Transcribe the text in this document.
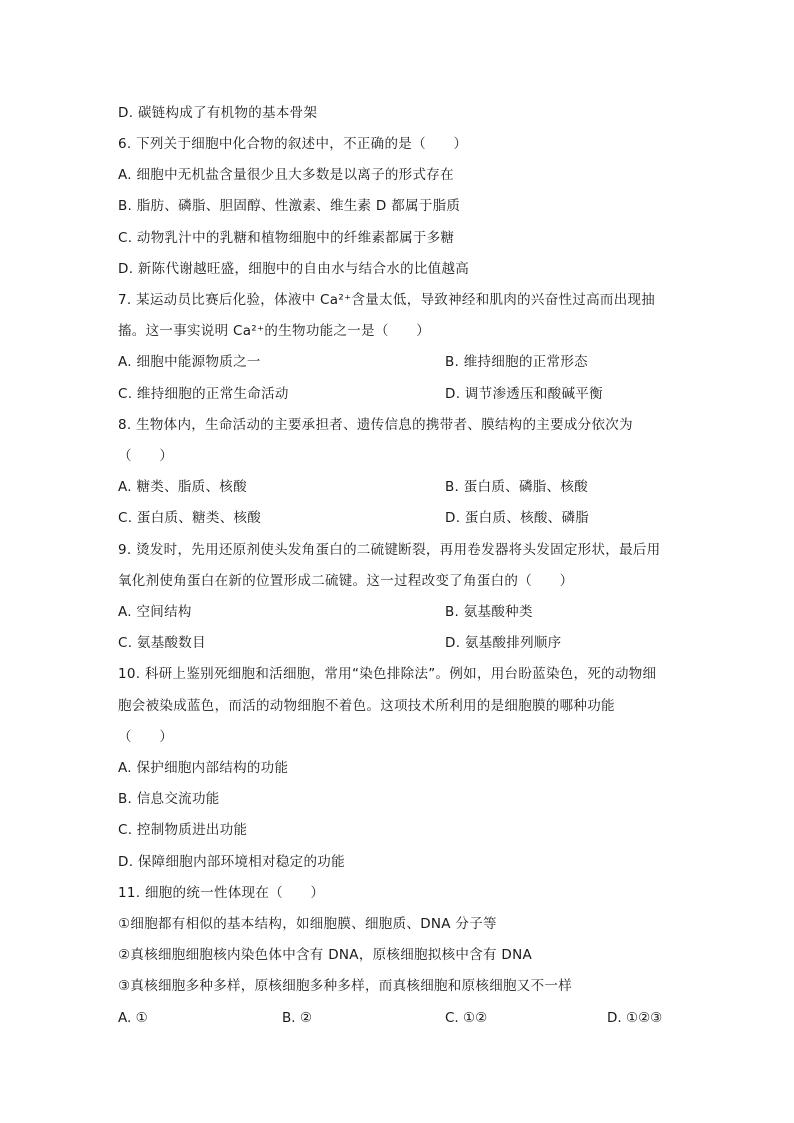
D. 碳链构成了有机物的基本骨架
6. 下列关于细胞中化合物的叙述中，不正确的是（　　）
A. 细胞中无机盐含量很少且大多数是以离子的形式存在
B. 脂肪、磷脂、胆固醇、性激素、维生素 D 都属于脂质
C. 动物乳汁中的乳糖和植物细胞中的纤维素都属于多糖
D. 新陈代谢越旺盛，细胞中的自由水与结合水的比值越高
7. 某运动员比赛后化验，体液中 Ca²⁺含量太低，导致神经和肌肉的兴奋性过高而出现抽
搐。这一事实说明 Ca²⁺的生物功能之一是（　　）
A. 细胞中能源物质之一	B. 维持细胞的正常形态
C. 维持细胞的正常生命活动	D. 调节渗透压和酸碱平衡
8. 生物体内，生命活动的主要承担者、遗传信息的携带者、膜结构的主要成分依次为
（　　）
A. 糖类、脂质、核酸	B. 蛋白质、磷脂、核酸
C. 蛋白质、糖类、核酸	D. 蛋白质、核酸、磷脂
9. 烫发时，先用还原剂使头发角蛋白的二硫键断裂，再用卷发器将头发固定形状，最后用
氧化剂使角蛋白在新的位置形成二硫键。这一过程改变了角蛋白的（　　）
A. 空间结构	B. 氨基酸种类
C. 氨基酸数目	D. 氨基酸排列顺序
10. 科研上鉴别死细胞和活细胞，常用“染色排除法”。例如，用台盼蓝染色，死的动物细
胞会被染成蓝色，而活的动物细胞不着色。这项技术所利用的是细胞膜的哪种功能
（　　）
A. 保护细胞内部结构的功能
B. 信息交流功能
C. 控制物质进出功能
D. 保障细胞内部环境相对稳定的功能
11. 细胞的统一性体现在（　　）
①细胞都有相似的基本结构，如细胞膜、细胞质、DNA 分子等
②真核细胞细胞核内染色体中含有 DNA，原核细胞拟核中含有 DNA
③真核细胞多种多样，原核细胞多种多样，而真核细胞和原核细胞又不一样
A. ①	B. ②	C. ①②	D. ①②③
